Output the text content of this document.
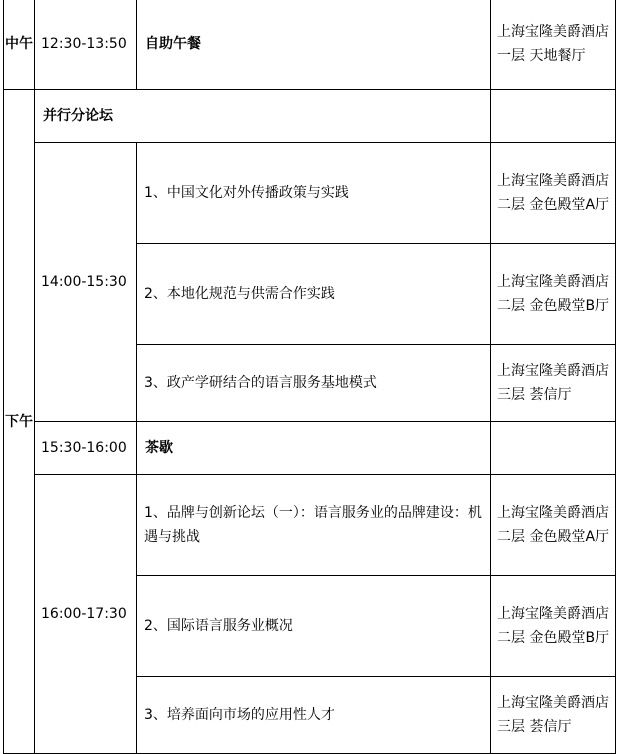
中午	12:30-13:50	自助午餐	上海宝隆美爵酒店一层 天地餐厅
下午	并行分论坛		
	14:00-15:30	1、中国文化对外传播政策与实践	上海宝隆美爵酒店二层 金色殿堂A厅
		2、本地化规范与供需合作实践	上海宝隆美爵酒店二层 金色殿堂B厅
		3、政产学研结合的语言服务基地模式	上海宝隆美爵酒店三层 荟信厅
	15:30-16:00	茶歇	
	16:00-17:30	1、品牌与创新论坛（一）：语言服务业的品牌建设：机遇与挑战	上海宝隆美爵酒店二层 金色殿堂A厅
		2、国际语言服务业概况	上海宝隆美爵酒店二层 金色殿堂B厅
		3、培养面向市场的应用性人才	上海宝隆美爵酒店三层 荟信厅
